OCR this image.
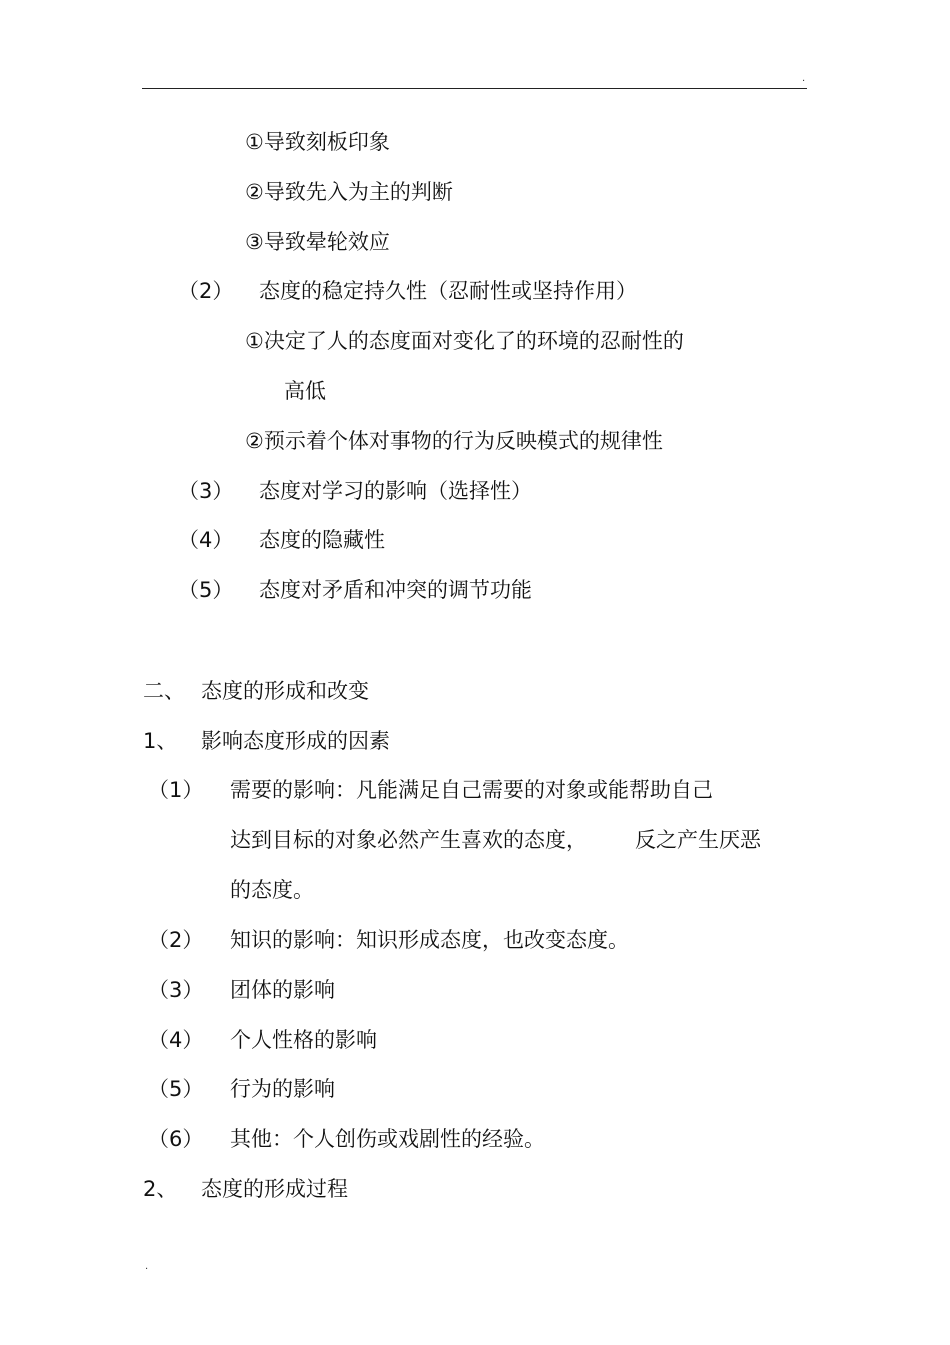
.
①导致刻板印象
②导致先入为主的判断
③导致晕轮效应
（2） 态度的稳定持久性（忍耐性或坚持作用）
①决定了人的态度面对变化了的环境的忍耐性的
高低
②预示着个体对事物的行为反映模式的规律性
（3） 态度对学习的影响（选择性）
（4） 态度的隐藏性
（5） 态度对矛盾和冲突的调节功能
二、 态度的形成和改变
1、 影响态度形成的因素
（1） 需要的影响：凡能满足自己需要的对象或能帮助自己
达到目标的对象必然产生喜欢的态度， 反之产生厌恶
的态度。
（2） 知识的影响：知识形成态度，也改变态度。
（3） 团体的影响
（4） 个人性格的影响
（5） 行为的影响
（6） 其他：个人创伤或戏剧性的经验。
2、 态度的形成过程
.
